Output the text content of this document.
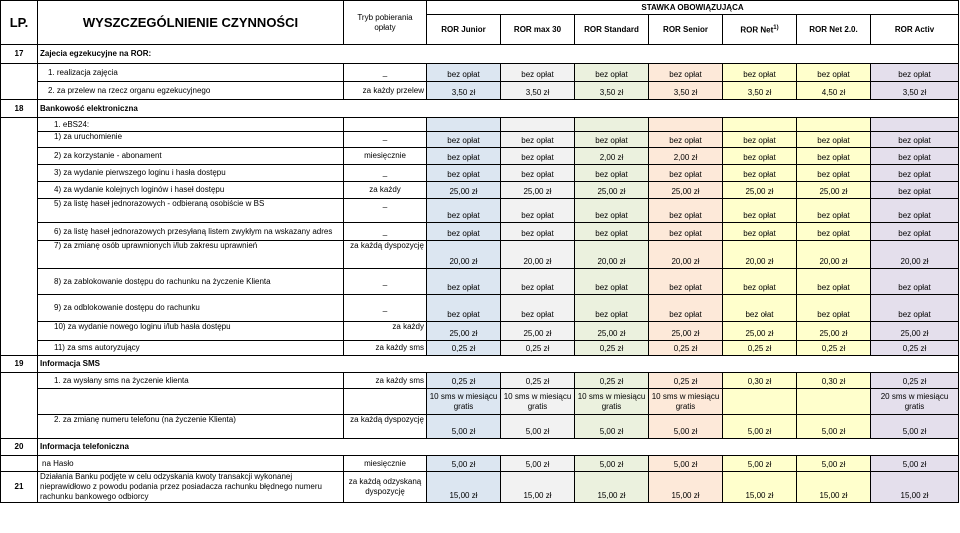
LP.	WYSZCZEGÓLNIENIE CZYNNOŚCI	Tryb pobierania opłaty	STAWKA OBOWIĄZUJĄCA						
			ROR Junior	ROR max 30	ROR Standard	ROR Senior	ROR Net$^{1)}$	ROR Net 2.0.	ROR Activ
17	Zajecia egzekucyjne na ROR:								
	1. realizacja zajęcia	_	bez opłat	bez opłat	bez opłat	bez opłat	bez opłat	bez opłat	bez opłat
	2. za przelew na rzecz organu egzekucyjnego	za każdy przelew	3,50 zł	3,50 zł	3,50 zł	3,50 zł	3,50 zł	4,50 zł	3,50 zł
18	Bankowość elektroniczna								
	1. eBS24:								
	1) za uruchomienie	_	bez opłat	bez opłat	bez opłat	bez opłat	bez opłat	bez opłat	bez opłat
	2) za korzystanie - abonament	miesięcznie	bez opłat	bez opłat	2,00 zł	2,00 zł	bez opłat	bez opłat	bez opłat
	3) za wydanie pierwszego loginu i hasła dostępu	_	bez opłat	bez opłat	bez opłat	bez opłat	bez opłat	bez opłat	bez opłat
	4) za wydanie kolejnych loginów i haseł dostępu	za każdy	25,00 zł	25,00 zł	25,00 zł	25,00 zł	25,00 zł	25,00 zł	bez opłat
	5) za listę haseł jednorazowych - odbieraną osobiście w BS	_	bez opłat	bez opłat	bez opłat	bez opłat	bez opłat	bez opłat	bez opłat
	6) za listę haseł jednorazowych przesyłaną listem zwykłym na wskazany adres	_	bez opłat	bez opłat	bez opłat	bez opłat	bez opłat	bez opłat	bez opłat
	7) za zmianę osób uprawnionych i/lub zakresu uprawnień	za każdą dyspozycję	20,00 zł	20,00 zł	20,00 zł	20,00 zł	20,00 zł	20,00 zł	20,00 zł
	8) za zablokowanie dostępu do rachunku na życzenie Klienta	_	bez opłat	bez opłat	bez opłat	bez opłat	bez opłat	bez opłat	bez opłat
	9) za odblokowanie dostępu do rachunku	_	bez opłat	bez opłat	bez opłat	bez opłat	bez ołat	bez opłat	bez opłat
	10) za wydanie nowego loginu i/lub hasła dostępu	za każdy	25,00 zł	25,00 zł	25,00 zł	25,00 zł	25,00 zł	25,00 zł	25,00 zł
	11) za sms autoryzujący	za każdy sms	0,25 zł	0,25 zł	0,25 zł	0,25 zł	0,25 zł	0,25 zł	0,25 zł
19	Informacja SMS								
	1. za wysłany sms na życzenie klienta	za każdy sms	0,25 zł	0,25 zł	0,25 zł	0,25 zł	0,30 zł	0,30 zł	0,25 zł
			10 sms w miesiącu gratis	10 sms w miesiącu gratis	10 sms w miesiącu gratis	10 sms w miesiącu gratis			20 sms w miesiącu gratis
	2. za zmianę numeru telefonu (na życzenie Klienta)	za każdą dyspozycję	5,00 zł	5,00 zł	5,00 zł	5,00 zł	5,00 zł	5,00 zł	5,00 zł
20	Informacja telefoniczna								
	na Hasło	miesięcznie	5,00 zł	5,00 zł	5,00 zł	5,00 zł	5,00 zł	5,00 zł	5,00 zł
21	Działania Banku podjęte w celu odzyskania kwoty transakcji wykonanej nieprawidłowo z powodu podania przez posiadacza rachunku błędnego numeru rachunku bankowego odbiorcy	za każdą odzyskaną dyspozycję	15,00 zł	15,00 zł	15,00 zł	15,00 zł	15,00 zł	15,00 zł	15,00 zł
